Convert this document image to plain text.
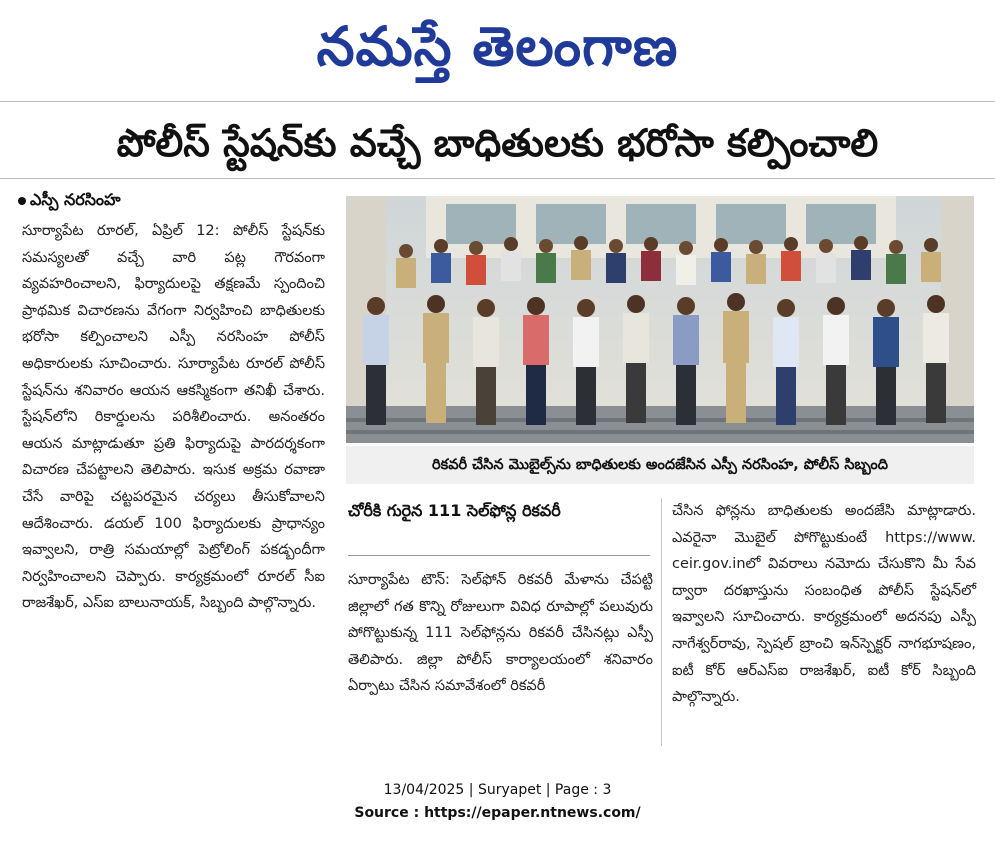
నమస్తే తెలంగాణ
పోలీస్ స్టేషన్‌కు వచ్చే బాధితులకు భరోసా కల్పించాలి
ఎస్పీ నరసింహ
సూర్యాపేట రూరల్, ఏప్రిల్ 12: పోలీస్ స్టేషన్‌కు సమస్యలతో వచ్చే వారి పట్ల గౌరవంగా వ్యవహరించాలని, ఫిర్యాదులపై తక్షణమే స్పందించి ప్రాథమిక విచారణను వేగంగా నిర్వహించి బాధితులకు భరోసా కల్పించాలని ఎస్పీ నరసింహ పోలీస్ అధికారులకు సూచించారు. సూర్యాపేట రూరల్ పోలీస్ స్టేషన్‌ను శనివారం ఆయన ఆకస్మికంగా తనిఖీ చేశారు. స్టేషన్‌లోని రికార్డులను పరిశీలించారు. అనంతరం ఆయన మాట్లాడుతూ ప్రతి ఫిర్యాదుపై పారదర్శకంగా విచారణ చేపట్టాలని తెలిపారు. ఇసుక అక్రమ రవాణా చేసే వారిపై చట్టపరమైన చర్యలు తీసుకోవాలని ఆదేశించారు. డయల్ 100 ఫిర్యాదులకు ప్రాధాన్యం ఇవ్వాలని, రాత్రి సమయాల్లో పెట్రోలింగ్ పకడ్బందీగా నిర్వహించాలని చెప్పారు. కార్యక్రమంలో రూరల్ సీఐ రాజశేఖర్, ఎస్ఐ బాలునాయక్, సిబ్బంది పాల్గొన్నారు.
రికవరీ చేసిన మొబైల్స్‌ను బాధితులకు అందజేసిన ఎస్పీ నరసింహ, పోలీస్ సిబ్బంది
చోరీకి గురైన 111 సెల్‌ఫోన్ల రికవరీ
సూర్యాపేట టౌన్: సెల్‌ఫోన్ రికవరీ మేళాను చేపట్టి జిల్లాలో గత కొన్ని రోజులుగా వివిధ రూపాల్లో పలువురు పోగొట్టుకున్న 111 సెల్‌ఫోన్లను రికవరీ చేసినట్లు ఎస్పీ తెలిపారు. జిల్లా పోలీస్ కార్యాలయంలో శనివారం ఏర్పాటు చేసిన సమావేశంలో రికవరీ
చేసిన ఫోన్లను బాధితులకు అందజేసి మాట్లాడారు. ఎవరైనా మొబైల్ పోగొట్టుకుంటే https://www. ceir.gov.inలో వివరాలు నమోదు చేసుకొని మీ సేవ ద్వారా దరఖాస్తును సంబంధిత పోలీస్ స్టేషన్‌లో ఇవ్వాలని సూచించారు. కార్యక్రమంలో అదనపు ఎస్పీ నాగేశ్వర్‌రావు, స్పెషల్ బ్రాంచి ఇన్‌స్పెక్టర్ నాగభూషణం, ఐటీ కోర్ ఆర్‌ఎస్ఐ రాజశేఖర్, ఐటీ కోర్ సిబ్బంది పాల్గొన్నారు.
13/04/2025 | Suryapet | Page : 3
Source : https://epaper.ntnews.com/
